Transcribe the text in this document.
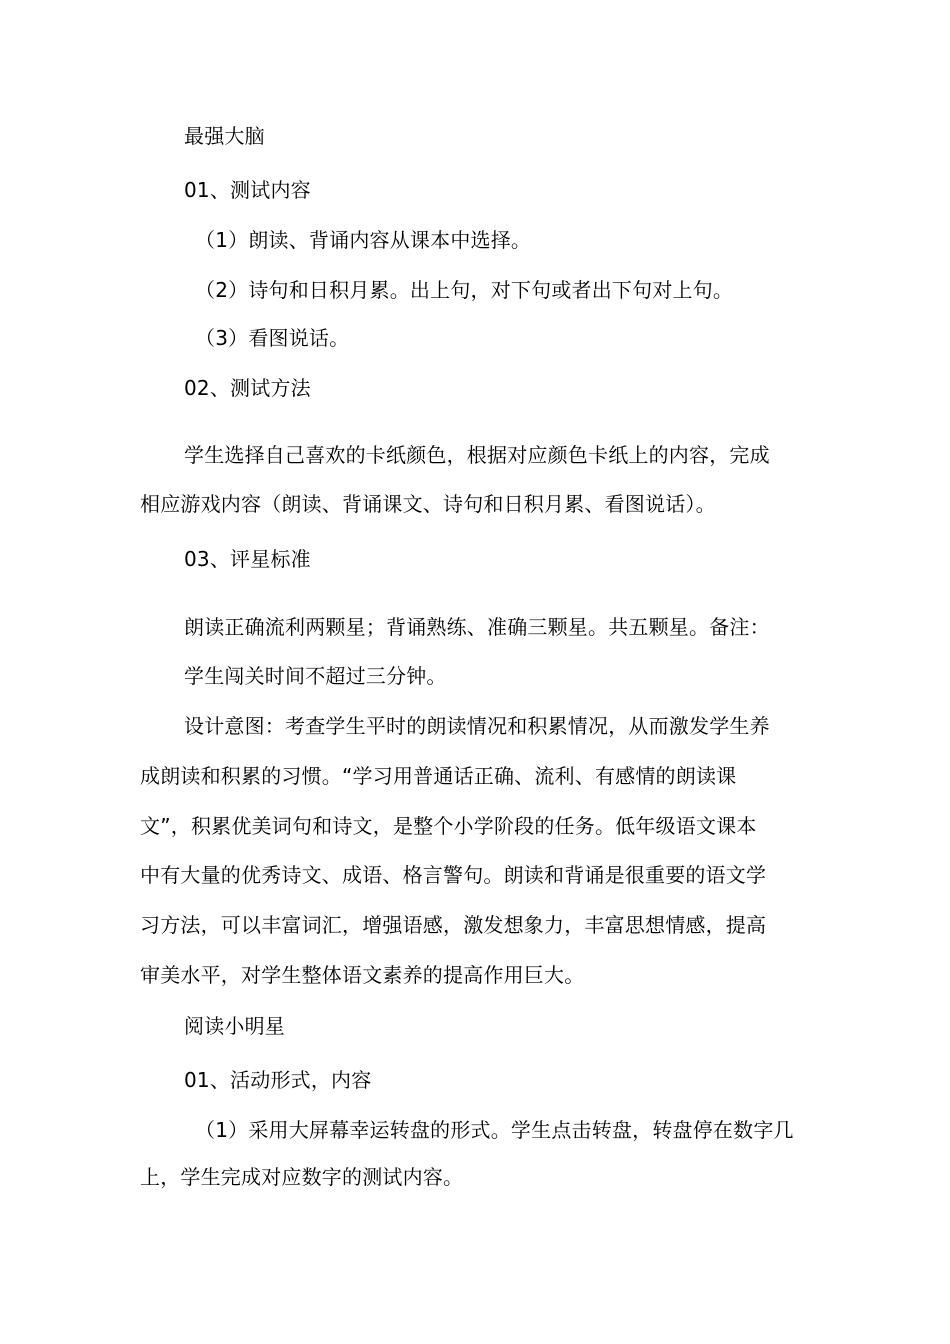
最强大脑
01、测试内容
（1）朗读、背诵内容从课本中选择。
（2）诗句和日积月累。出上句，对下句或者出下句对上句。
（3）看图说话。
02、测试方法
学生选择自己喜欢的卡纸颜色，根据对应颜色卡纸上的内容，完成
相应游戏内容（朗读、背诵课文、诗句和日积月累、看图说话）。
03、评星标准
朗读正确流利两颗星；背诵熟练、准确三颗星。共五颗星。备注：
学生闯关时间不超过三分钟。
设计意图：考查学生平时的朗读情况和积累情况，从而激发学生养
成朗读和积累的习惯。“学习用普通话正确、流利、有感情的朗读课
文”，积累优美词句和诗文，是整个小学阶段的任务。低年级语文课本
中有大量的优秀诗文、成语、格言警句。朗读和背诵是很重要的语文学
习方法，可以丰富词汇，增强语感，激发想象力，丰富思想情感，提高
审美水平，对学生整体语文素养的提高作用巨大。
阅读小明星
01、活动形式，内容
（1）采用大屏幕幸运转盘的形式。学生点击转盘，转盘停在数字几
上，学生完成对应数字的测试内容。
